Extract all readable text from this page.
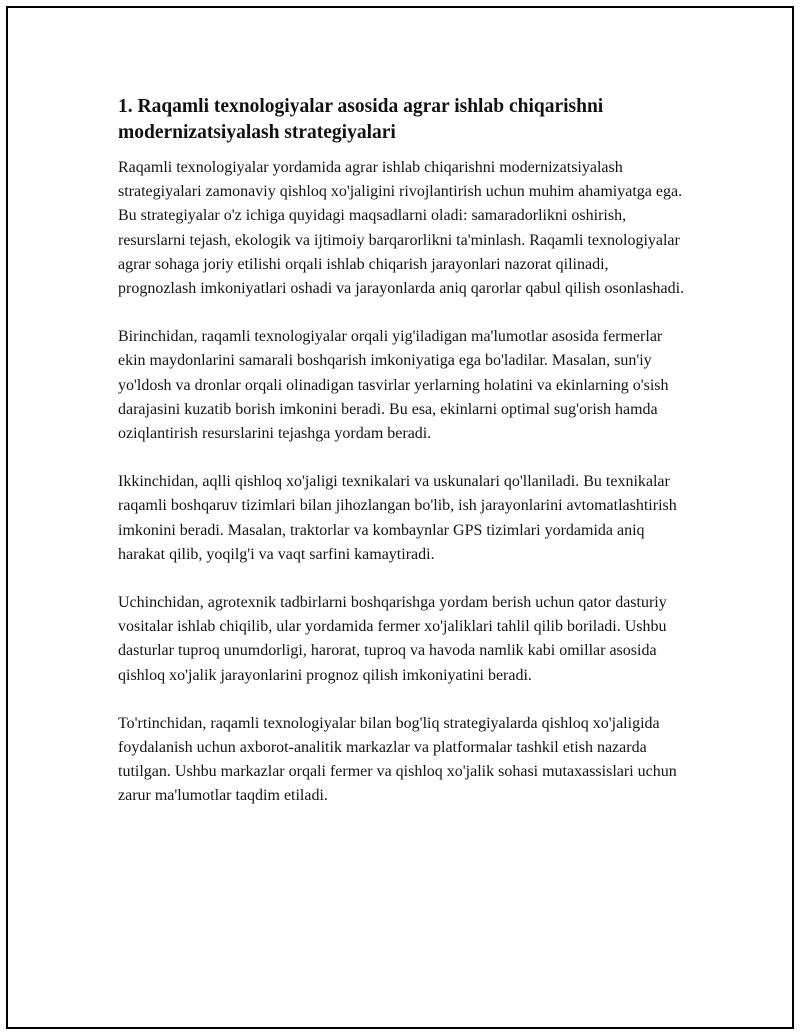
1. Raqamli texnologiyalar asosida agrar ishlab chiqarishni modernizatsiyalash strategiyalari

Raqamli texnologiyalar yordamida agrar ishlab chiqarishni modernizatsiyalash strategiyalari zamonaviy qishloq xo'jaligini rivojlantirish uchun muhim ahamiyatga ega. Bu strategiyalar o'z ichiga quyidagi maqsadlarni oladi: samaradorlikni oshirish, resurslarni tejash, ekologik va ijtimoiy barqarorlikni ta'minlash. Raqamli texnologiyalar agrar sohaga joriy etilishi orqali ishlab chiqarish jarayonlari nazorat qilinadi, prognozlash imkoniyatlari oshadi va jarayonlarda aniq qarorlar qabul qilish osonlashadi.

Birinchidan, raqamli texnologiyalar orqali yig'iladigan ma'lumotlar asosida fermerlar ekin maydonlarini samarali boshqarish imkoniyatiga ega bo'ladilar. Masalan, sun'iy yo'ldosh va dronlar orqali olinadigan tasvirlar yerlarning holatini va ekinlarning o'sish darajasini kuzatib borish imkonini beradi. Bu esa, ekinlarni optimal sug'orish hamda oziqlantirish resurslarini tejashga yordam beradi.

Ikkinchidan, aqlli qishloq xo'jaligi texnikalari va uskunalari qo'llaniladi. Bu texnikalar raqamli boshqaruv tizimlari bilan jihozlangan bo'lib, ish jarayonlarini avtomatlashtirish imkonini beradi. Masalan, traktorlar va kombaynlar GPS tizimlari yordamida aniq harakat qilib, yoqilg'i va vaqt sarfini kamaytiradi.

Uchinchidan, agrotexnik tadbirlarni boshqarishga yordam berish uchun qator dasturiy vositalar ishlab chiqilib, ular yordamida fermer xo'jaliklari tahlil qilib boriladi. Ushbu dasturlar tuproq unumdorligi, harorat, tuproq va havoda namlik kabi omillar asosida qishloq xo'jalik jarayonlarini prognoz qilish imkoniyatini beradi.

To'rtinchidan, raqamli texnologiyalar bilan bog'liq strategiyalarda qishloq xo'jaligida foydalanish uchun axborot-analitik markazlar va platformalar tashkil etish nazarda tutilgan. Ushbu markazlar orqali fermer va qishloq xo'jalik sohasi mutaxassislari uchun zarur ma'lumotlar taqdim etiladi.
